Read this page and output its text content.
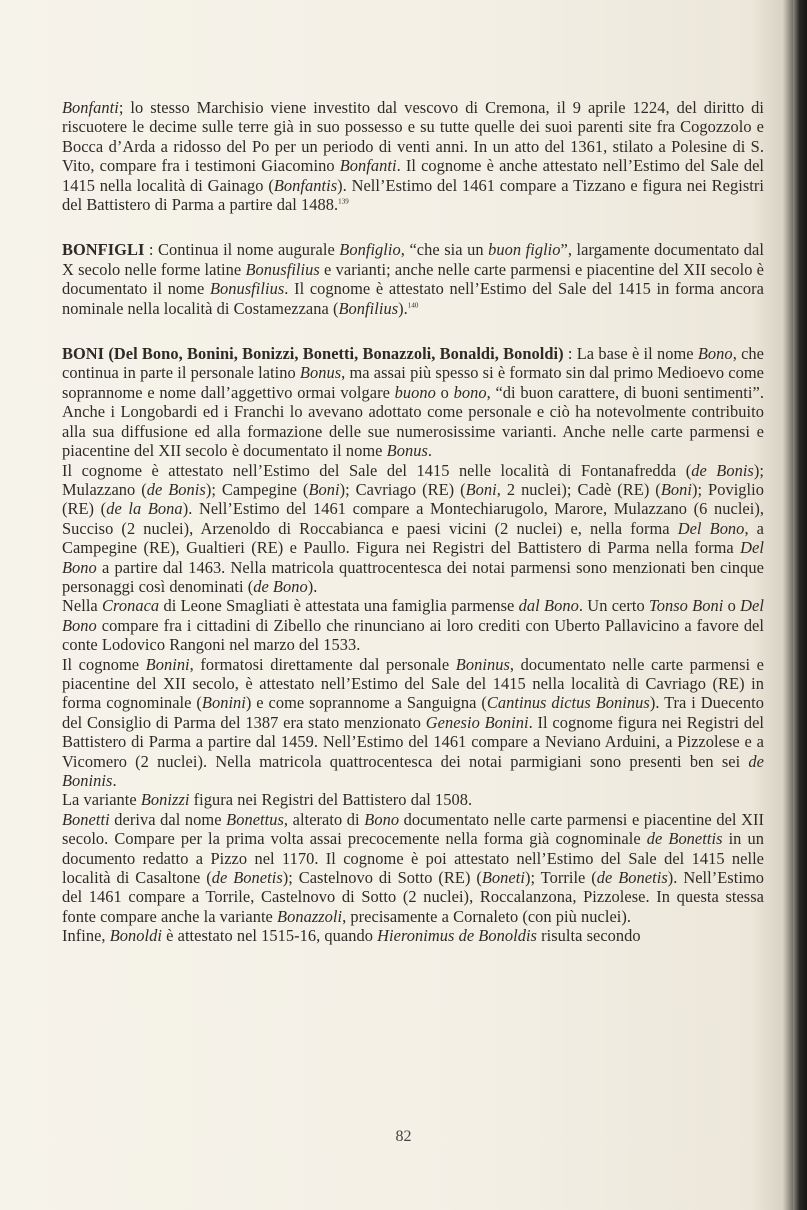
Bonfanti; lo stesso Marchisio viene investito dal vescovo di Cremona, il 9 aprile 1224, del diritto di riscuotere le decime sulle terre già in suo possesso e su tutte quelle dei suoi parenti site fra Cogozzolo e Bocca d’Arda a ridosso del Po per un periodo di venti anni. In un atto del 1361, stilato a Polesine di S. Vito, compare fra i testimoni Giacomino Bonfanti. Il cognome è anche attestato nell’Estimo del Sale del 1415 nella località di Gainago (Bonfantis). Nell’Estimo del 1461 compare a Tizzano e figura nei Registri del Battistero di Parma a partire dal 1488.$^{139}$

BONFIGLI : Continua il nome augurale Bonfiglio, “che sia un buon figlio”, largamente documentato dal X secolo nelle forme latine Bonusfilius e varianti; anche nelle carte parmensi e piacentine del XII secolo è documentato il nome Bonusfilius. Il cognome è attestato nell’Estimo del Sale del 1415 in forma ancora nominale nella località di Costamezzana (Bonfilius).$^{140}$

BONI (Del Bono, Bonini, Bonizzi, Bonetti, Bonazzoli, Bonaldi, Bonoldi) : La base è il nome Bono, che continua in parte il personale latino Bonus, ma assai più spesso si è formato sin dal primo Medioevo come soprannome e nome dall’aggettivo ormai volgare buono o bono, “di buon carattere, di buoni sentimenti”. Anche i Longobardi ed i Franchi lo avevano adottato come personale e ciò ha notevolmente contribuito alla sua diffusione ed alla formazione delle sue numerosissime varianti. Anche nelle carte parmensi e piacentine del XII secolo è documentato il nome Bonus.

Il cognome è attestato nell’Estimo del Sale del 1415 nelle località di Fontanafredda (de Bonis); Mulazzano (de Bonis); Campegine (Boni); Cavriago (RE) (Boni, 2 nuclei); Cadè (RE) (Boni); Poviglio (RE) (de la Bona). Nell’Estimo del 1461 compare a Montechiarugolo, Marore, Mulazzano (6 nuclei), Succiso (2 nuclei), Arzenoldo di Roccabianca e paesi vicini (2 nuclei) e, nella forma Del Bono, a Campegine (RE), Gualtieri (RE) e Paullo. Figura nei Registri del Battistero di Parma nella forma Del Bono a partire dal 1463. Nella matricola quattrocentesca dei notai parmensi sono menzionati ben cinque personaggi così denominati (de Bono).

Nella Cronaca di Leone Smagliati è attestata una famiglia parmense dal Bono. Un certo Tonso Boni o Del Bono compare fra i cittadini di Zibello che rinunciano ai loro crediti con Uberto Pallavicino a favore del conte Lodovico Rangoni nel marzo del 1533.

Il cognome Bonini, formatosi direttamente dal personale Boninus, documentato nelle carte parmensi e piacentine del XII secolo, è attestato nell’Estimo del Sale del 1415 nella località di Cavriago (RE) in forma cognominale (Bonini) e come soprannome a Sanguigna (Cantinus dictus Boninus). Tra i Duecento del Consiglio di Parma del 1387 era stato menzionato Genesio Bonini. Il cognome figura nei Registri del Battistero di Parma a partire dal 1459. Nell’Estimo del 1461 compare a Neviano Arduini, a Pizzolese e a Vicomero (2 nuclei). Nella matricola quattrocentesca dei notai parmigiani sono presenti ben sei de Boninis.

La variante Bonizzi figura nei Registri del Battistero dal 1508.

Bonetti deriva dal nome Bonettus, alterato di Bono documentato nelle carte parmensi e piacentine del XII secolo. Compare per la prima volta assai precocemente nella forma già cognominale de Bonettis in un documento redatto a Pizzo nel 1170. Il cognome è poi attestato nell’Estimo del Sale del 1415 nelle località di Casaltone (de Bonetis); Castelnovo di Sotto (RE) (Boneti); Torrile (de Bonetis). Nell’Estimo del 1461 compare a Torrile, Castelnovo di Sotto (2 nuclei), Roccalanzona, Pizzolese. In questa stessa fonte compare anche la variante Bonazzoli, precisamente a Cornaleto (con più nuclei).

Infine, Bonoldi è attestato nel 1515-16, quando Hieronimus de Bonoldis risulta secondo

82
